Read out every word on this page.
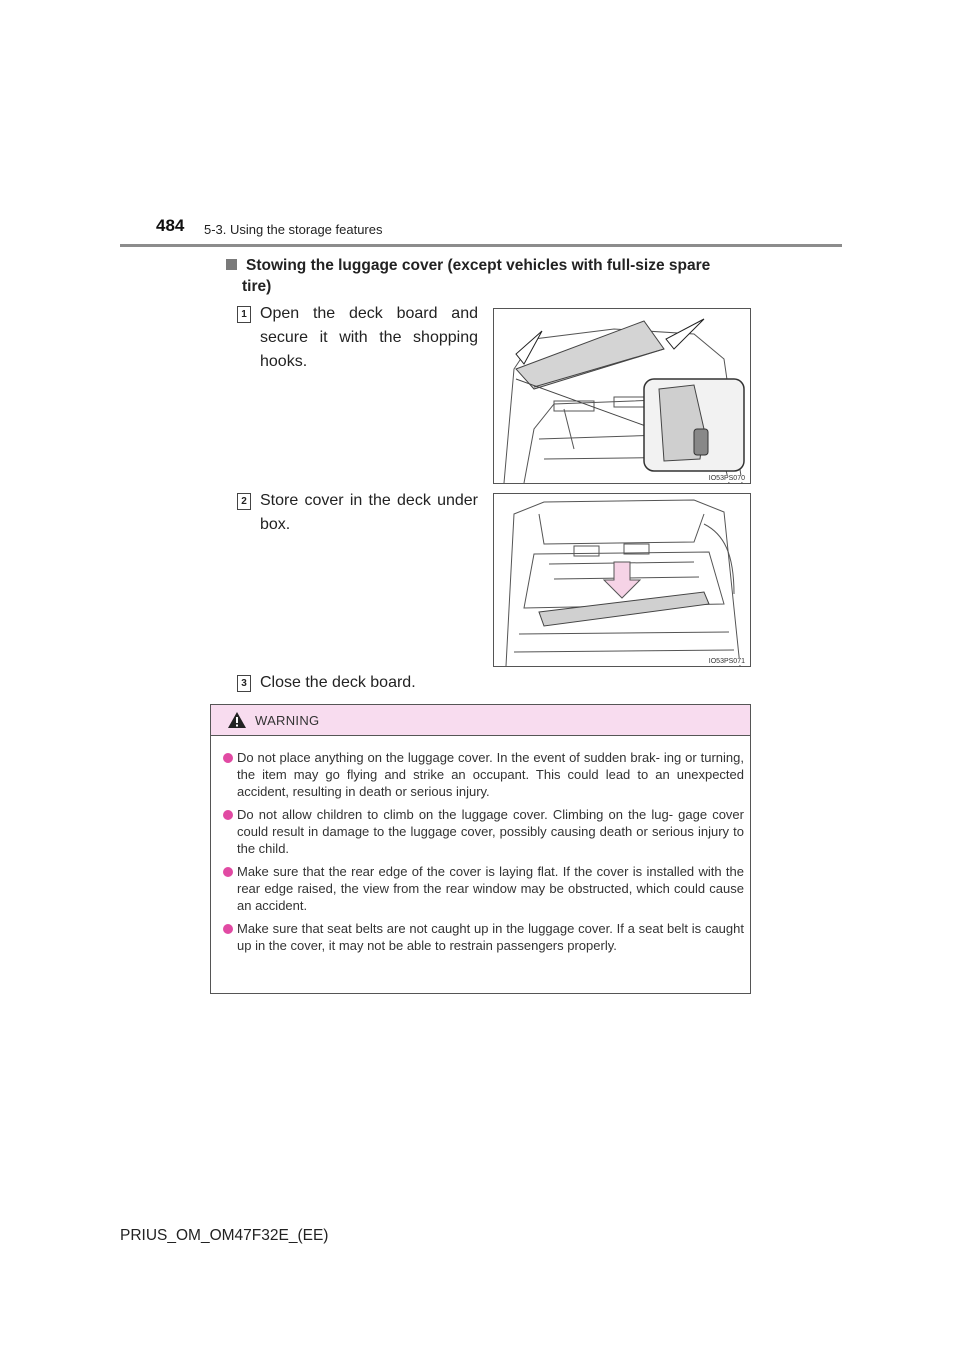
484 5-3. Using the storage features
Stowing the luggage cover (except vehicles with full-size spare
tire)
1 Open the deck board and secure it with the shopping hooks.
IO53PS070
2 Store cover in the deck under box.
IO53PS071
3 Close the deck board.
WARNING
Do not place anything on the luggage cover. In the event of sudden brak- ing or turning, the item may go flying and strike an occupant. This could lead to an unexpected accident, resulting in death or serious injury.
Do not allow children to climb on the luggage cover. Climbing on the lug- gage cover could result in damage to the luggage cover, possibly causing death or serious injury to the child.
Make sure that the rear edge of the cover is laying flat. If the cover is installed with the rear edge raised, the view from the rear window may be obstructed, which could cause an accident.
Make sure that seat belts are not caught up in the luggage cover. If a seat belt is caught up in the cover, it may not be able to restrain passengers properly.
PRIUS_OM_OM47F32E_(EE)
